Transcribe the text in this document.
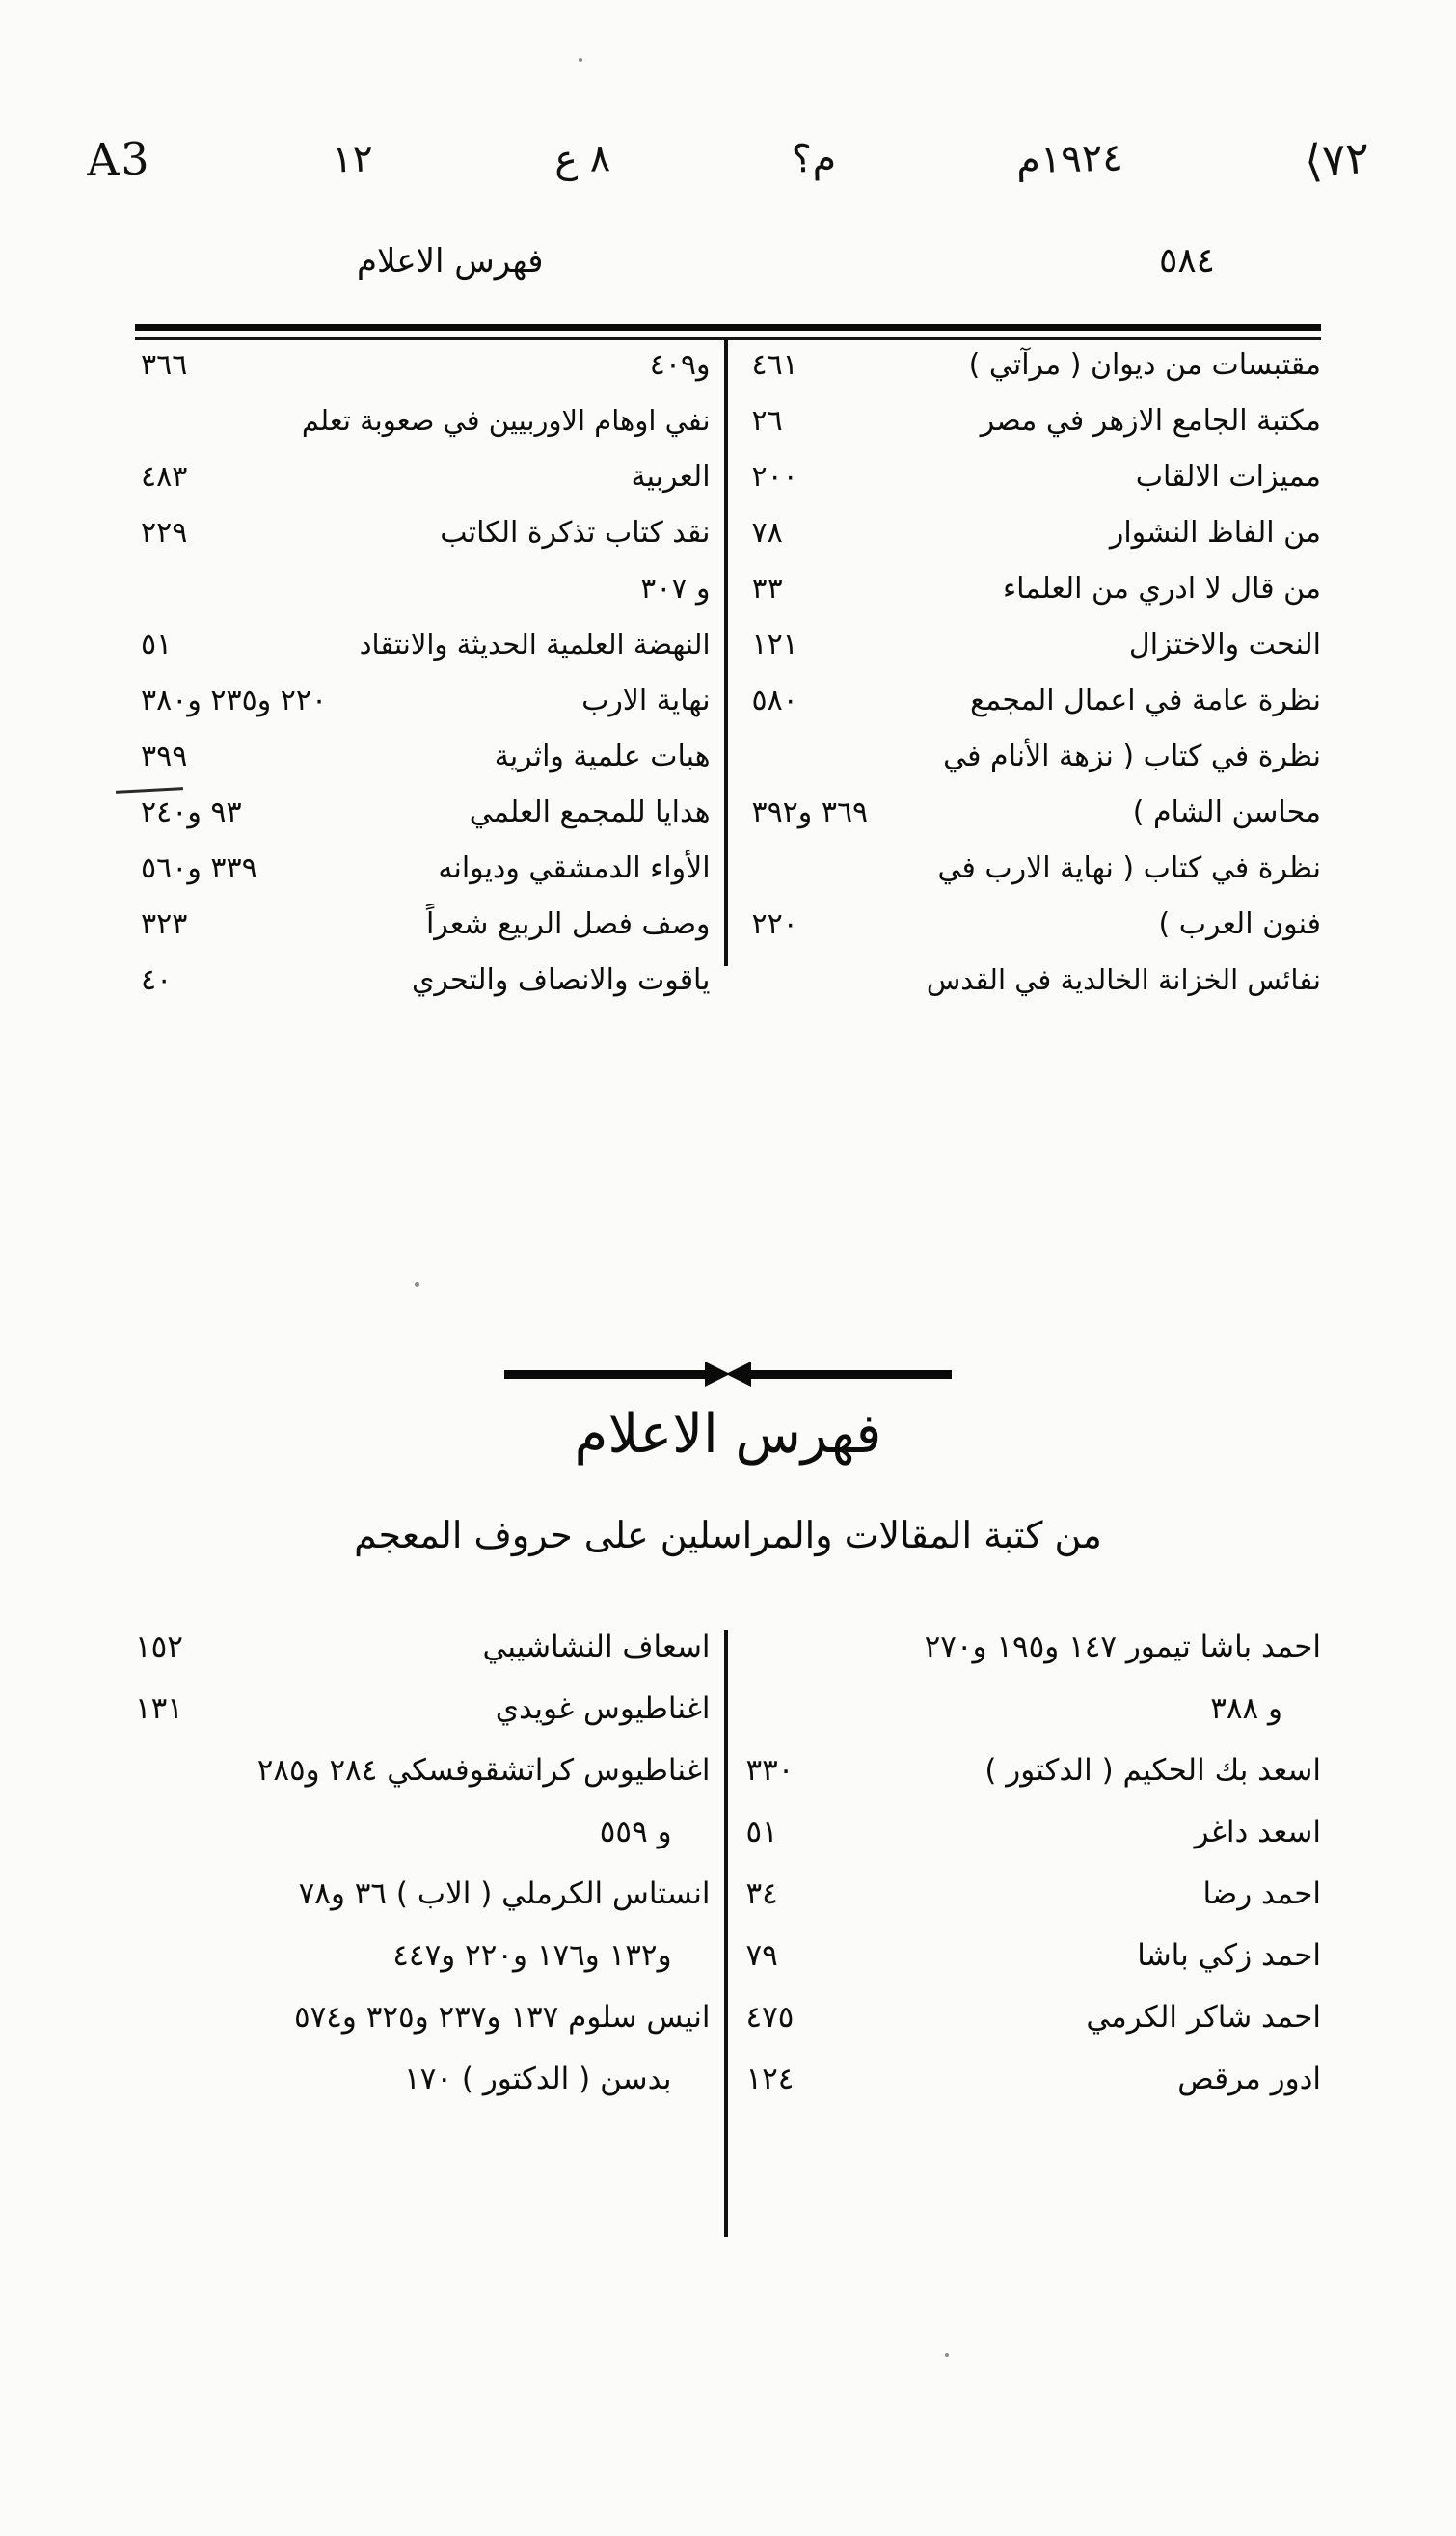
٧٢⟩
١٩٢٤م
م؟
٨ ع
١٢
A3
٥٨٤
فهرس الاعلام
مقتبسات من ديوان ( مرآتي )
٤٦١
مكتبة الجامع الازهر في مصر
٢٦
مميزات الالقاب
٢٠٠
من الفاظ النشوار
٧٨
من قال لا ادري من العلماء
٣٣
النحت والاختزال
١٢١
نظرة عامة في اعمال المجمع
٥٨٠
نظرة في كتاب ( نزهة الأنام في
محاسن الشام )
٣٦٩ و٣٩٢
نظرة في كتاب ( نهاية الارب في
فنون العرب )
٢٢٠
نفائس الخزانة الخالدية في القدس
و٤٠٩
٣٦٦
نفي اوهام الاوربيين في صعوبة تعلم
العربية
٤٨٣
نقد كتاب تذكرة الكاتب
٢٢٩
و ٣٠٧
النهضة العلمية الحديثة والانتقاد
٥١
نهاية الارب
٢٢٠ و٢٣٥ و٣٨٠
هبات علمية واثرية
٣٩٩
هدايا للمجمع العلمي
٩٣ و٢٤٠
الأواء الدمشقي وديوانه
٣٣٩ و٥٦٠
وصف فصل الربيع شعراً
٣٢٣
ياقوت والانصاف والتحري
٤٠
فهرس الاعلام
من كتبة المقالات والمراسلين على حروف المعجم
احمد باشا تيمور ١٤٧ و١٩٥ و٢٧٠
و ٣٨٨
اسعد بك الحكيم ( الدكتور )
٣٣٠
اسعد داغر
٥١
احمد رضا
٣٤
احمد زكي باشا
٧٩
احمد شاكر الكرمي
٤٧٥
ادور مرقص
١٢٤
اسعاف النشاشيبي
١٥٢
اغناطيوس غويدي
١٣١
اغناطيوس كراتشقوفسكي ٢٨٤ و٢٨٥
و ٥٥٩
انستاس الكرملي ( الاب ) ٣٦ و٧٨
و١٣٢ و١٧٦ و٢٢٠ و٤٤٧
انيس سلوم ١٣٧ و٢٣٧ و٣٢٥ و٥٧٤
بدسن ( الدكتور ) ١٧٠
